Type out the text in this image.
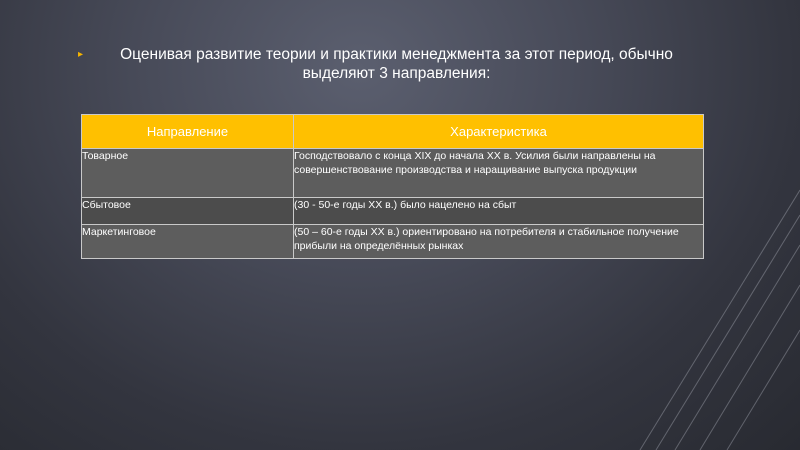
▸	Оценивая развитие теории и практики менеджмента за этот период, обычно выделяют 3 направления:
Направление	Характеристика
Товарное	Господствовало с конца XIX до начала XX в. Усилия были направлены на совершенствование производства и наращивание выпуска продукции
Сбытовое	(30 - 50-е годы XX в.) было нацелено на сбыт
Маркетинговое	(50 – 60-е годы XX в.) ориентировано на потребителя и стабильное получение прибыли на определённых рынках
